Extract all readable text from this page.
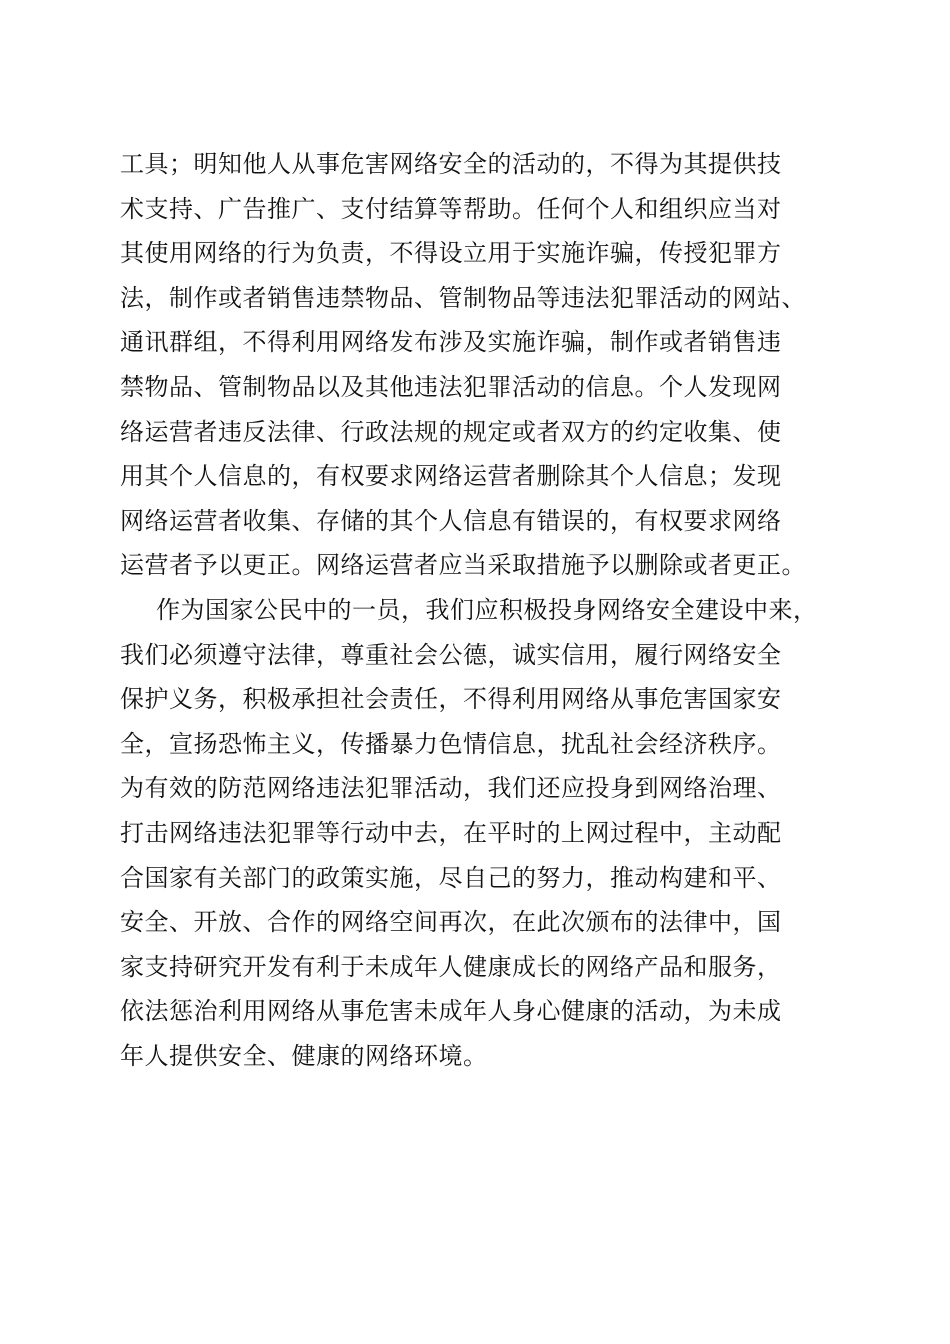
工具；明知他人从事危害网络安全的活动的，不得为其提供技
术支持、广告推广、支付结算等帮助。任何个人和组织应当对
其使用网络的行为负责，不得设立用于实施诈骗，传授犯罪方
法，制作或者销售违禁物品、管制物品等违法犯罪活动的网站、
通讯群组，不得利用网络发布涉及实施诈骗，制作或者销售违
禁物品、管制物品以及其他违法犯罪活动的信息。个人发现网
络运营者违反法律、行政法规的规定或者双方的约定收集、使
用其个人信息的，有权要求网络运营者删除其个人信息；发现
网络运营者收集、存储的其个人信息有错误的，有权要求网络
运营者予以更正。网络运营者应当采取措施予以删除或者更正。
作为国家公民中的一员，我们应积极投身网络安全建设中来，
我们必须遵守法律，尊重社会公德，诚实信用，履行网络安全
保护义务，积极承担社会责任，不得利用网络从事危害国家安
全，宣扬恐怖主义，传播暴力色情信息，扰乱社会经济秩序。
为有效的防范网络违法犯罪活动，我们还应投身到网络治理、
打击网络违法犯罪等行动中去，在平时的上网过程中，主动配
合国家有关部门的政策实施，尽自己的努力，推动构建和平、
安全、开放、合作的网络空间再次，在此次颁布的法律中，国
家支持研究开发有利于未成年人健康成长的网络产品和服务，
依法惩治利用网络从事危害未成年人身心健康的活动，为未成
年人提供安全、健康的网络环境。
